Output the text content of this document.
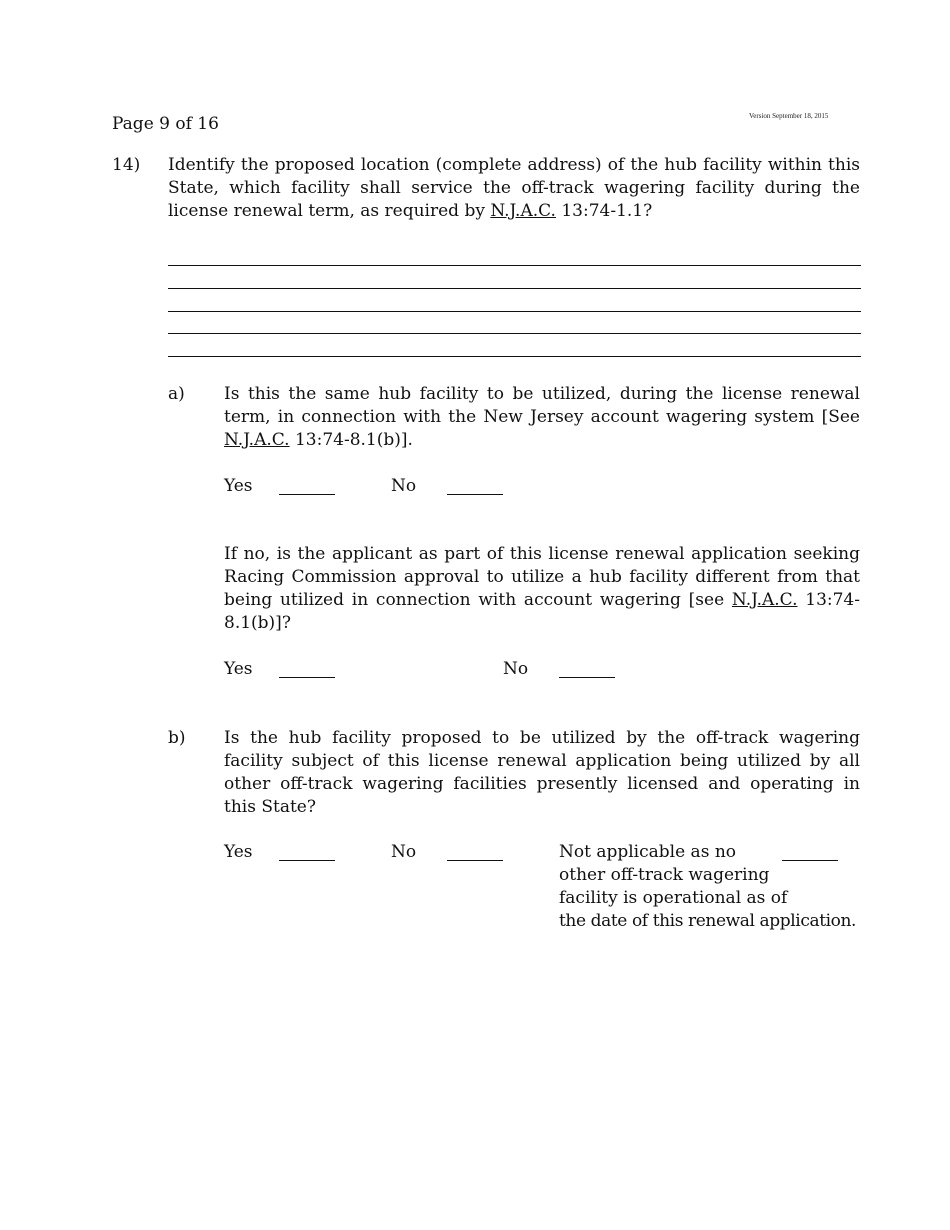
Page 9 of 16	Version September 18, 2015
14) Identify the proposed location (complete address) of the hub facility within this State, which facility shall service the off-track wagering facility during the license renewal term, as required by N.J.A.C. 13:74-1.1?
a) Is this the same hub facility to be utilized, during the license renewal term, in connection with the New Jersey account wagering system [See N.J.A.C. 13:74-8.1(b)].
Yes	No
If no, is the applicant as part of this license renewal application seeking Racing Commission approval to utilize a hub facility different from that being utilized in connection with account wagering [see N.J.A.C. 13:74-8.1(b)]?
Yes	No
b) Is the hub facility proposed to be utilized by the off-track wagering facility subject of this license renewal application being utilized by all other off-track wagering facilities presently licensed and operating in this State?
Yes	No	Not applicable as no
other off-track wagering
facility is operational as of
the date of this renewal application.
